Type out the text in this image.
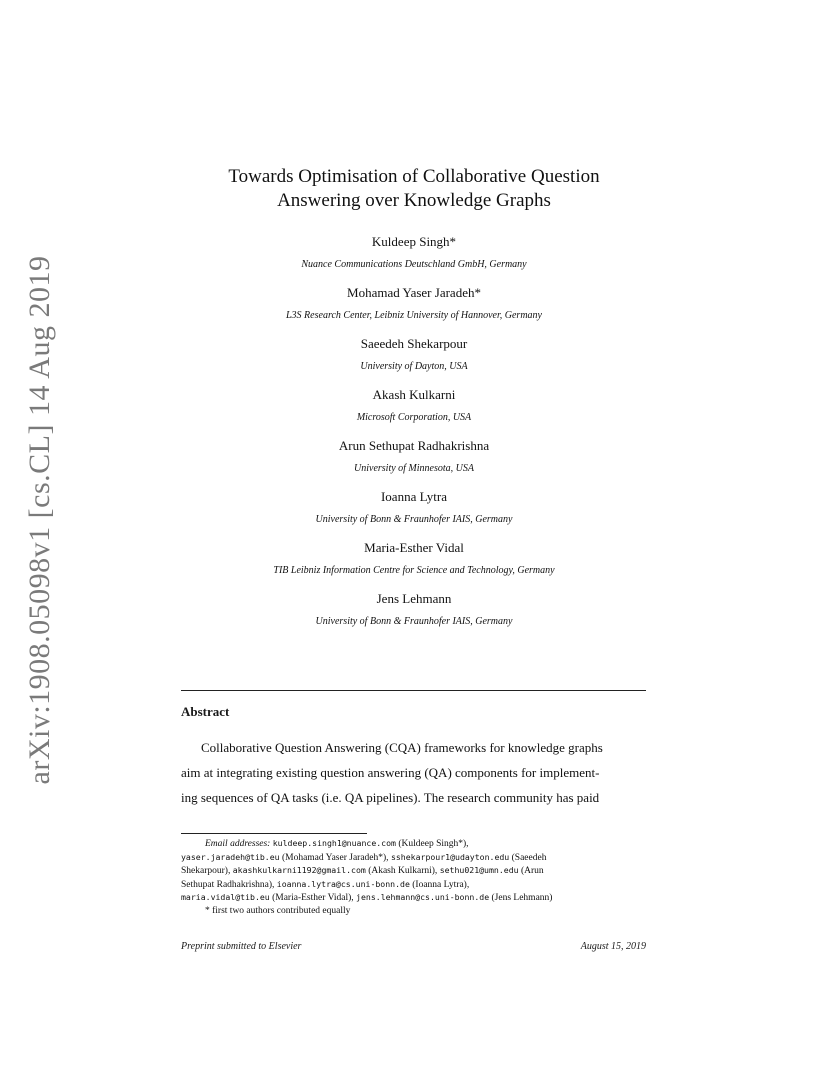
arXiv:1908.05098v1 [cs.CL] 14 Aug 2019
Towards Optimisation of Collaborative Question
Answering over Knowledge Graphs
Kuldeep Singh*
Nuance Communications Deutschland GmbH, Germany
Mohamad Yaser Jaradeh*
L3S Research Center, Leibniz University of Hannover, Germany
Saeedeh Shekarpour
University of Dayton, USA
Akash Kulkarni
Microsoft Corporation, USA
Arun Sethupat Radhakrishna
University of Minnesota, USA
Ioanna Lytra
University of Bonn & Fraunhofer IAIS, Germany
Maria-Esther Vidal
TIB Leibniz Information Centre for Science and Technology, Germany
Jens Lehmann
University of Bonn & Fraunhofer IAIS, Germany
Abstract
Collaborative Question Answering (CQA) frameworks for knowledge graphs
aim at integrating existing question answering (QA) components for implement-
ing sequences of QA tasks (i.e. QA pipelines). The research community has paid
Email addresses: kuldeep.singh1@nuance.com (Kuldeep Singh*),
yaser.jaradeh@tib.eu (Mohamad Yaser Jaradeh*), sshekarpour1@udayton.edu (Saeedeh
Shekarpour), akashkulkarni1192@gmail.com (Akash Kulkarni), sethu021@umn.edu (Arun
Sethupat Radhakrishna), ioanna.lytra@cs.uni-bonn.de (Ioanna Lytra),
maria.vidal@tib.eu (Maria-Esther Vidal), jens.lehmann@cs.uni-bonn.de (Jens Lehmann)
* first two authors contributed equally
Preprint submitted to Elsevier	August 15, 2019
